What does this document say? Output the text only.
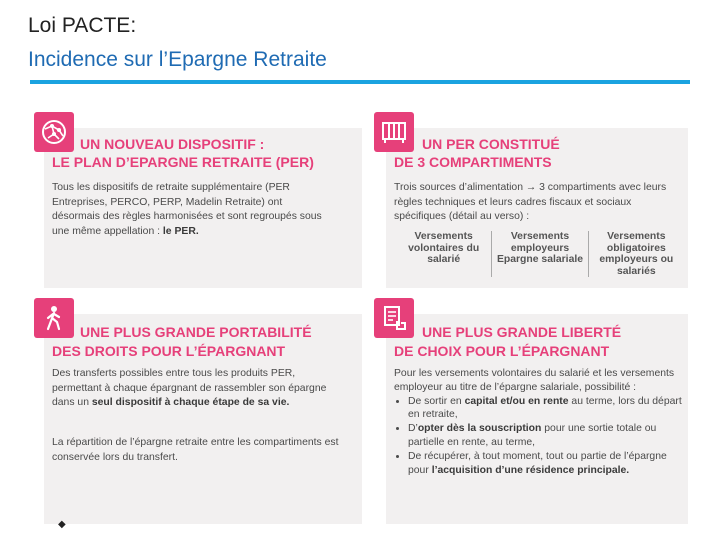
Loi PACTE:
Incidence sur l’Epargne Retraite
UN NOUVEAU DISPOSITIF :
LE PLAN D’EPARGNE RETRAITE (PER)
Tous les dispositifs de retraite supplémentaire (PER Entreprises, PERCO, PERP, Madelin Retraite) ont désormais des règles harmonisées et sont regroupés sous une même appellation : le PER.
UN PER CONSTITUÉ
DE 3 COMPARTIMENTS
Trois sources d’alimentation → 3 compartiments avec leurs règles techniques et leurs cadres fiscaux et sociaux spécifiques (détail au verso) :
Versements volontaires du salarié
Versements employeurs Epargne salariale
Versements obligatoires employeurs ou salariés
UNE PLUS GRANDE PORTABILITÉ
DES DROITS POUR L’ÉPARGNANT
Des transferts possibles entre tous les produits PER, permettant à chaque épargnant de rassembler son épargne dans un seul dispositif à chaque étape de sa vie.
La répartition de l’épargne retraite entre les compartiments est conservée lors du transfert.
UNE PLUS GRANDE LIBERTÉ
DE CHOIX POUR L’ÉPARGNANT
Pour les versements volontaires du salarié et les versements employeur au titre de l’épargne salariale, possibilité :
• De sortir en capital et/ou en rente au terme, lors du départ en retraite,
• D’opter dès la souscription pour une sortie totale ou partielle en rente, au terme,
• De récupérer, à tout moment, tout ou partie de l’épargne pour l’acquisition d’une résidence principale.
◆
